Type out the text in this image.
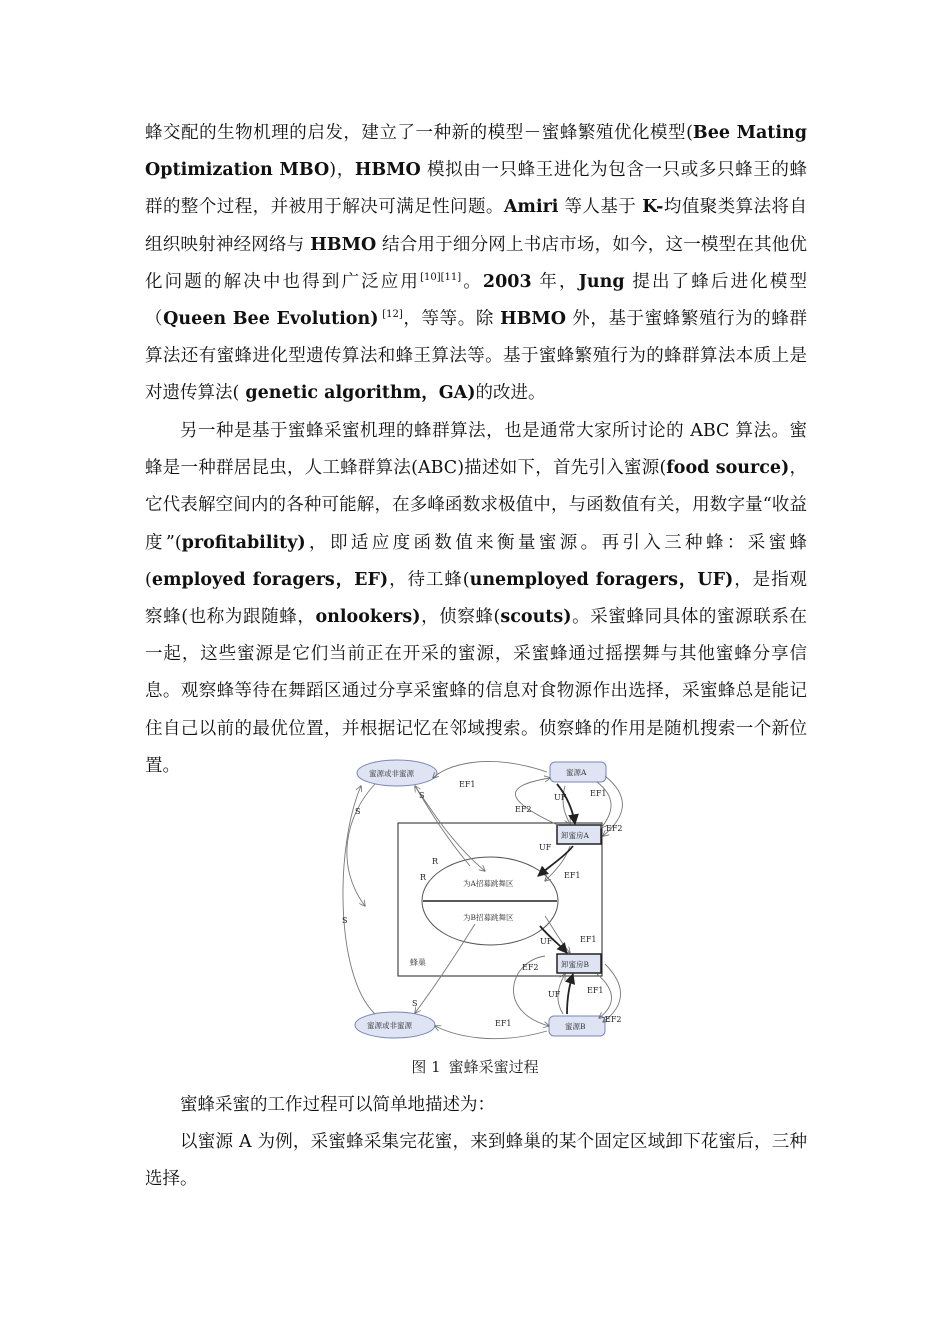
蜂交配的生物机理的启发，建立了一种新的模型－蜜蜂繁殖优化模型(Bee Mating Optimization MBO)，HBMO 模拟由一只蜂王进化为包含一只或多只蜂王的蜂群的整个过程，并被用于解决可满足性问题。Amiri 等人基于 K-均值聚类算法将自组织映射神经网络与 HBMO 结合用于细分网上书店市场，如今，这一模型在其他优化问题的解决中也得到广泛应用[10][11]。2003 年，Jung 提出了蜂后进化模型（Queen Bee Evolution) [12]，等等。除 HBMO 外，基于蜜蜂繁殖行为的蜂群算法还有蜜蜂进化型遗传算法和蜂王算法等。基于蜜蜂繁殖行为的蜂群算法本质上是对遗传算法( genetic algorithm，GA)的改进。

另一种是基于蜜蜂采蜜机理的蜂群算法，也是通常大家所讨论的 ABC 算法。蜜蜂是一种群居昆虫，人工蜂群算法(ABC)描述如下，首先引入蜜源(food source)，它代表解空间内的各种可能解，在多峰函数求极值中，与函数值有关，用数字量“收益度”(profitability)，即适应度函数值来衡量蜜源。再引入三种蜂：采蜜蜂(employed foragers，EF)，待工蜂(unemployed foragers，UF)，是指观察蜂(也称为跟随蜂，onlookers)，侦察蜂(scouts)。采蜜蜂同具体的蜜源联系在一起，这些蜜源是它们当前正在开采的蜜源，采蜜蜂通过摇摆舞与其他蜜蜂分享信息。观察蜂等待在舞蹈区通过分享采蜜蜂的信息对食物源作出选择，采蜜蜂总是能记住自己以前的最优位置，并根据记忆在邻域搜索。侦察蜂的作用是随机搜索一个新位置。

蜂巢
为A招募跳舞区
为B招募跳舞区
蜜源或非蜜源
蜜源或非蜜源
蜜源A
蜜源B
卸蜜房A
卸蜜房B
S
S
S
S
R
R
EF1
EF2
UF	EF1
EF2
UF
EF1
UF	EF1
EF2
UF	EF1
EF1	EF2
图 1 蜜蜂采蜜过程

蜜蜂采蜜的工作过程可以简单地描述为：

以蜜源 A 为例，采蜜蜂采集完花蜜，来到蜂巢的某个固定区域卸下花蜜后，三种选择。
